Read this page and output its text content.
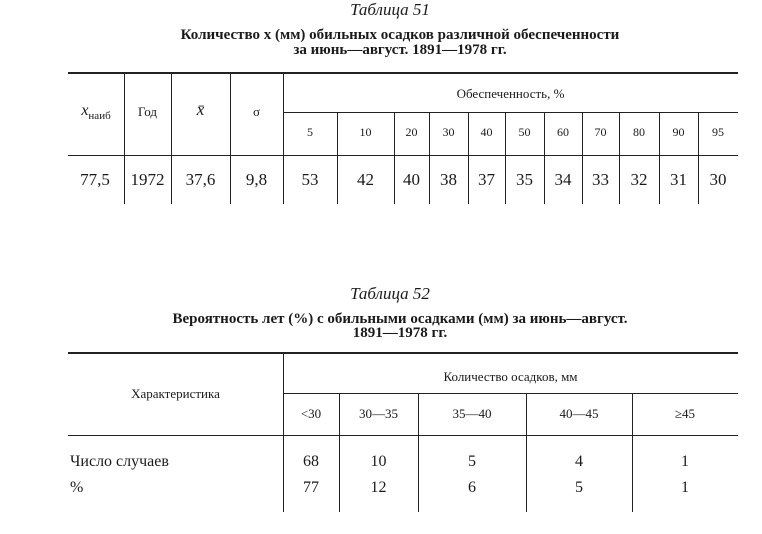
Таблица 51
Количество x (мм) обильных осадков различной обеспеченности
за июнь—август. 1891—1978 гг.
$x_{наиб}$	Год	x̄	σ
Обеспеченность, %
5	10	20	30	40	50	60	70	80	90	95
77,5	1972	37,6	9,8	53	42	40	38	37	35	34	33	32	31	30
Таблица 52
Вероятность лет (%) с обильными осадками (мм) за июнь—август.
1891—1978 гг.
Характеристика
Количество осадков, мм
<30	30—35	35—40	40—45	≥45
Число случаев	68	10	5	4	1
%	77	12	6	5	1
